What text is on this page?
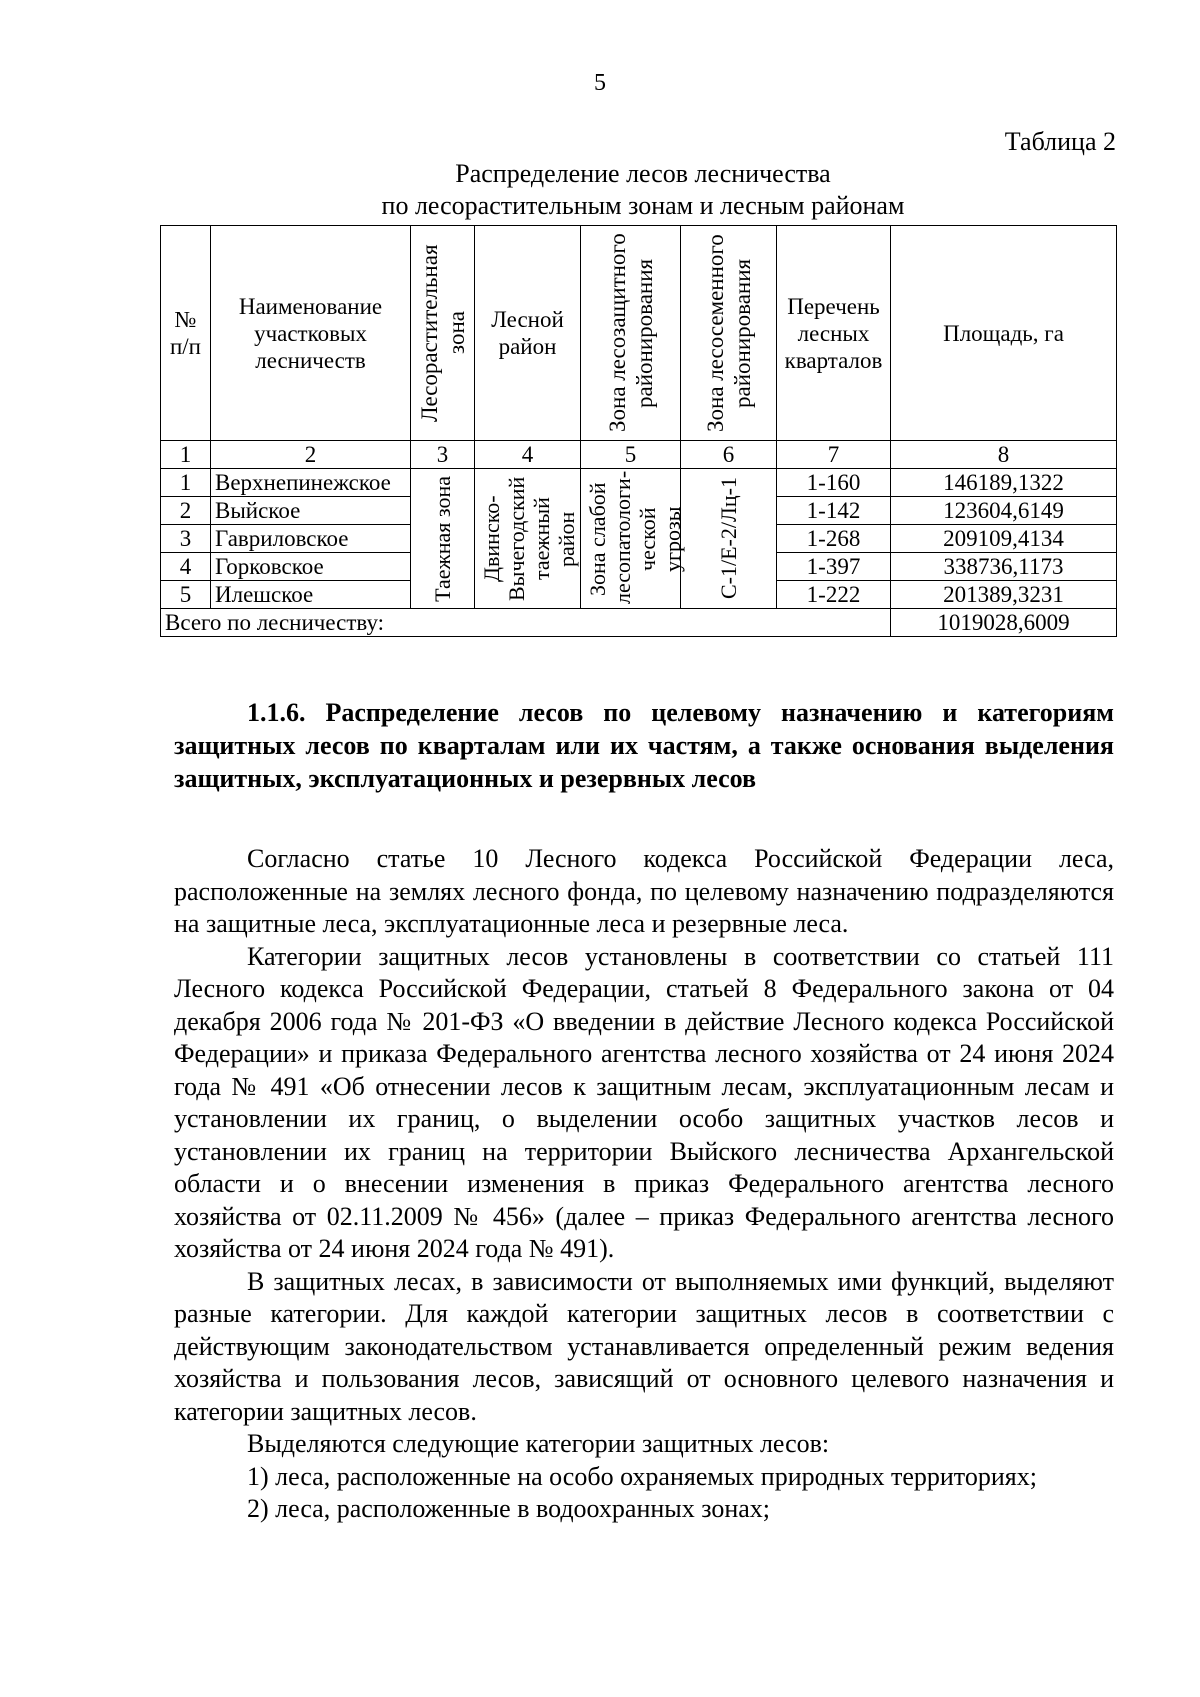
5
Таблица 2
Распределение лесов лесничества
по лесорастительным зонам и лесным районам
№ п/п	Наименование участковых лесничеств	Лесорастительная зона	Лесной район	Зона лесозащитного районирования	Зона лесосеменного районирования	Перечень лесных кварталов	Площадь, га
1	2	3	4	5	6	7	8
1	Верхнепинежское	Таежная зона	Двинско-Вычегодский таежный район	Зона слабой лесопатологи-ческой угрозы	С-1/Е-2/Лц-1	1-160	146189,1322
2	Выйское					1-142	123604,6149
3	Гавриловское					1-268	209109,4134
4	Горковское					1-397	338736,1173
5	Илешское					1-222	201389,3231
Всего по лесничеству:							1019028,6009

1.1.6. Распределение лесов по целевому назначению и категориям защитных лесов по кварталам или их частям, а также основания выделения защитных, эксплуатационных и резервных лесов

Согласно статье 10 Лесного кодекса Российской Федерации леса, расположенные на землях лесного фонда, по целевому назначению подразделяются на защитные леса, эксплуатационные леса и резервные леса.

Категории защитных лесов установлены в соответствии со статьей 111 Лесного кодекса Российской Федерации, статьей 8 Федерального закона от 04 декабря 2006 года № 201-ФЗ «О введении в действие Лесного кодекса Российской Федерации» и приказа Федерального агентства лесного хозяйства от 24 июня 2024 года № 491 «Об отнесении лесов к защитным лесам, эксплуатационным лесам и установлении их границ, о выделении особо защитных участков лесов и установлении их границ на территории Выйского лесничества Архангельской области и о внесении изменения в приказ Федерального агентства лесного хозяйства от 02.11.2009 № 456» (далее – приказ Федерального агентства лесного хозяйства от 24 июня 2024 года № 491).

В защитных лесах, в зависимости от выполняемых ими функций, выделяют разные категории. Для каждой категории защитных лесов в соответствии с действующим законодательством устанавливается определенный режим ведения хозяйства и пользования лесов, зависящий от основного целевого назначения и категории защитных лесов.

Выделяются следующие категории защитных лесов:

1) леса, расположенные на особо охраняемых природных территориях;

2) леса, расположенные в водоохранных зонах;
